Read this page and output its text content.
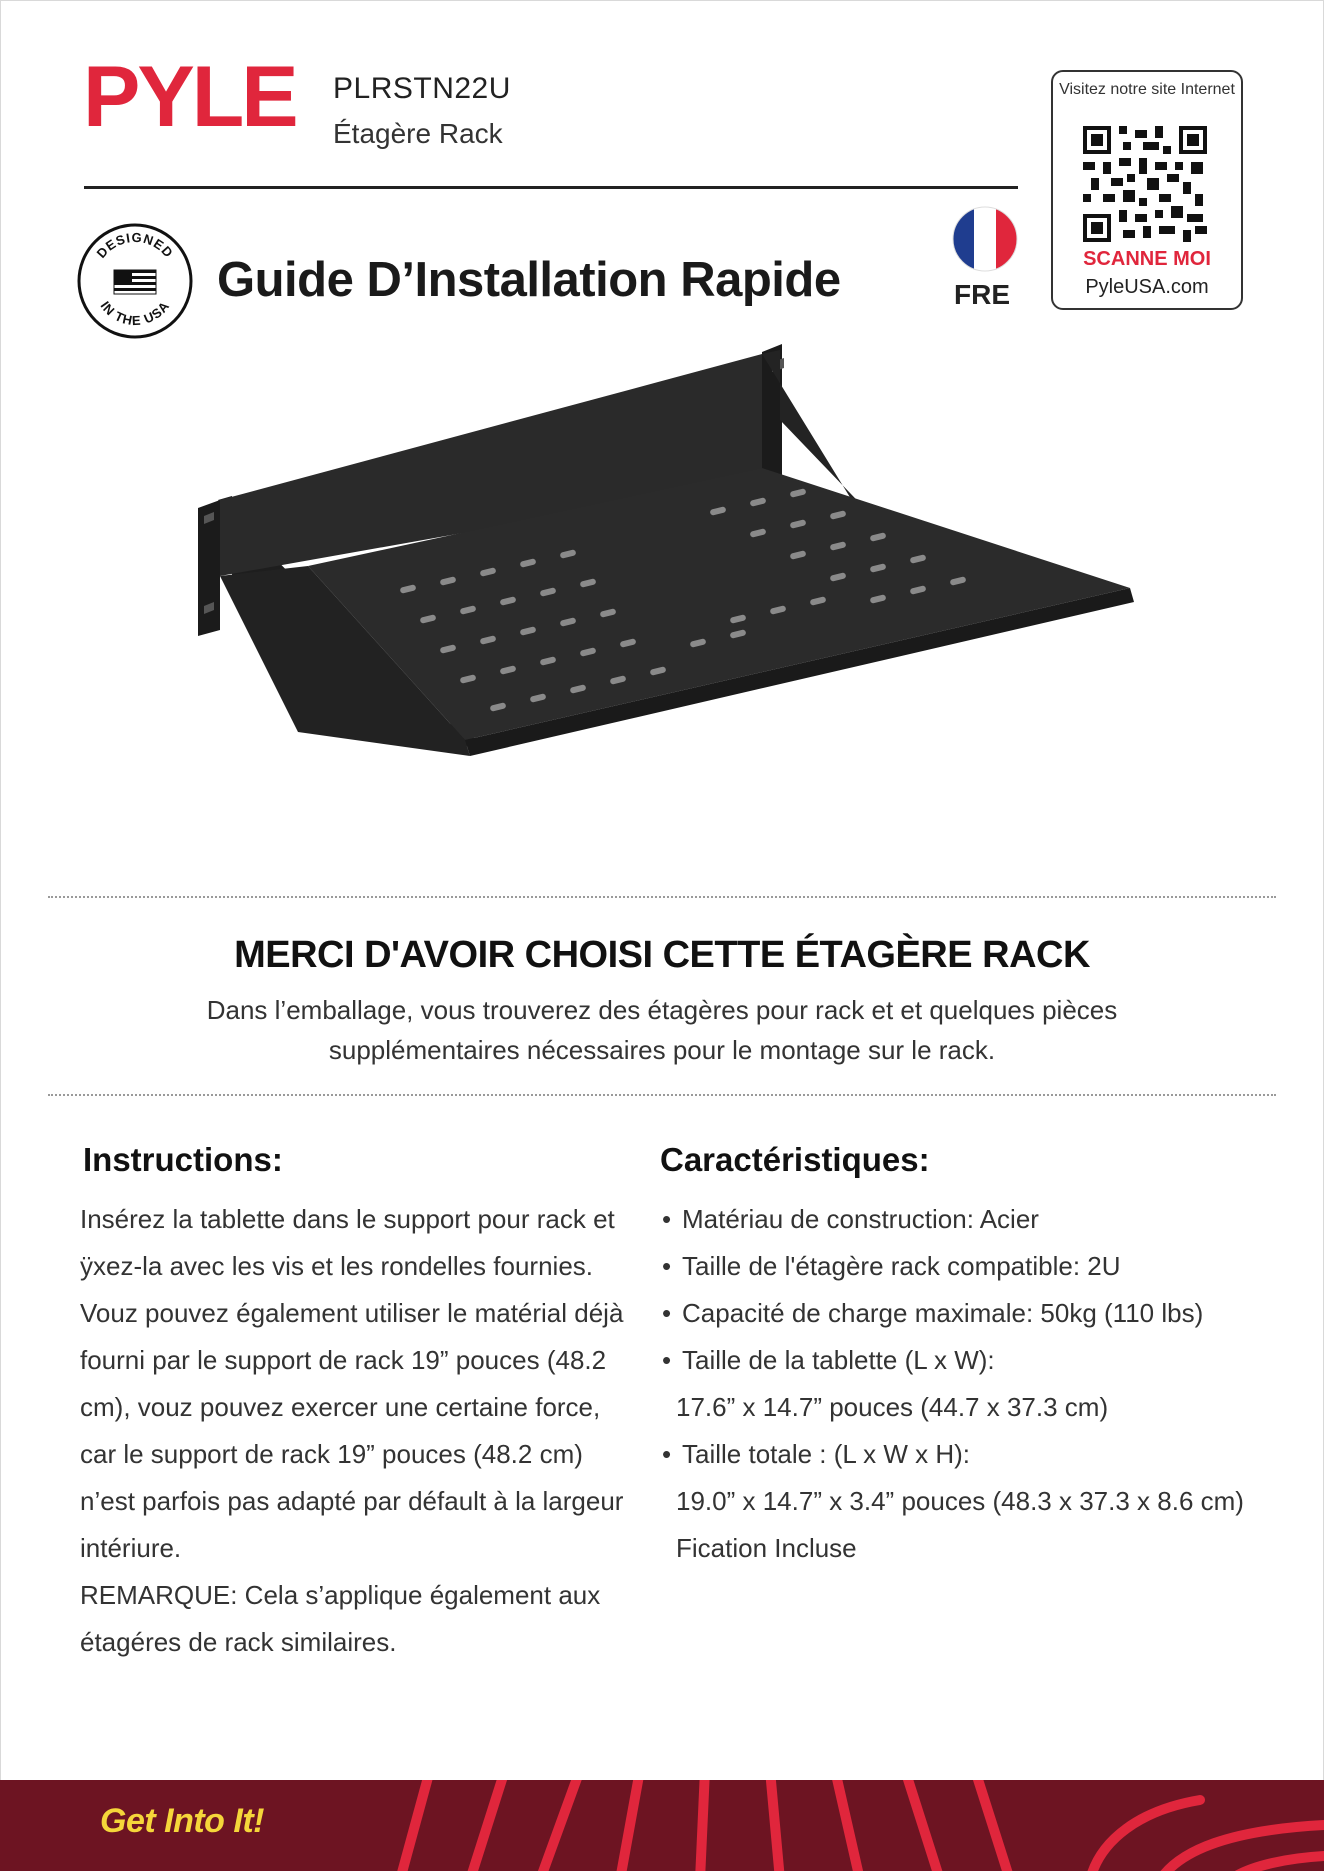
PYLE PLRSTN22U
Étagère Rack
Visitez notre site Internet
SCANNE MOI
PyleUSA.com
DESIGNED
IN THE USA Guide D’Installation Rapide	FRE
MERCI D'AVOIR CHOISI CETTE ÉTAGÈRE RACK
Dans l’emballage, vous trouverez des étagères pour rack et et quelques pièces supplémentaires nécessaires pour le montage sur le rack.
Instructions:

Insérez la tablette dans le support pour rack et ÿxez-la avec les vis et les rondelles fournies. Vouz pouvez également utiliser le matérial déjà fourni par le support de rack 19” pouces (48.2 cm), vouz pouvez exercer une certaine force, car le support de rack 19” pouces (48.2 cm) n’est parfois pas adapté par défault à la largeur intériure.

REMARQUE: Cela s’applique également aux étagéres de rack similaires.

Caractéristiques:
• Matériau de construction: Acier
• Taille de l'étagère rack compatible: 2U
• Capacité de charge maximale: 50kg (110 lbs)
• Taille de la tablette (L x W):
17.6” x 14.7” pouces (44.7 x 37.3 cm)
• Taille totale : (L x W x H):
19.0” x 14.7” x 3.4” pouces (48.3 x 37.3 x 8.6 cm)
Fication Incluse
Get Into It!
